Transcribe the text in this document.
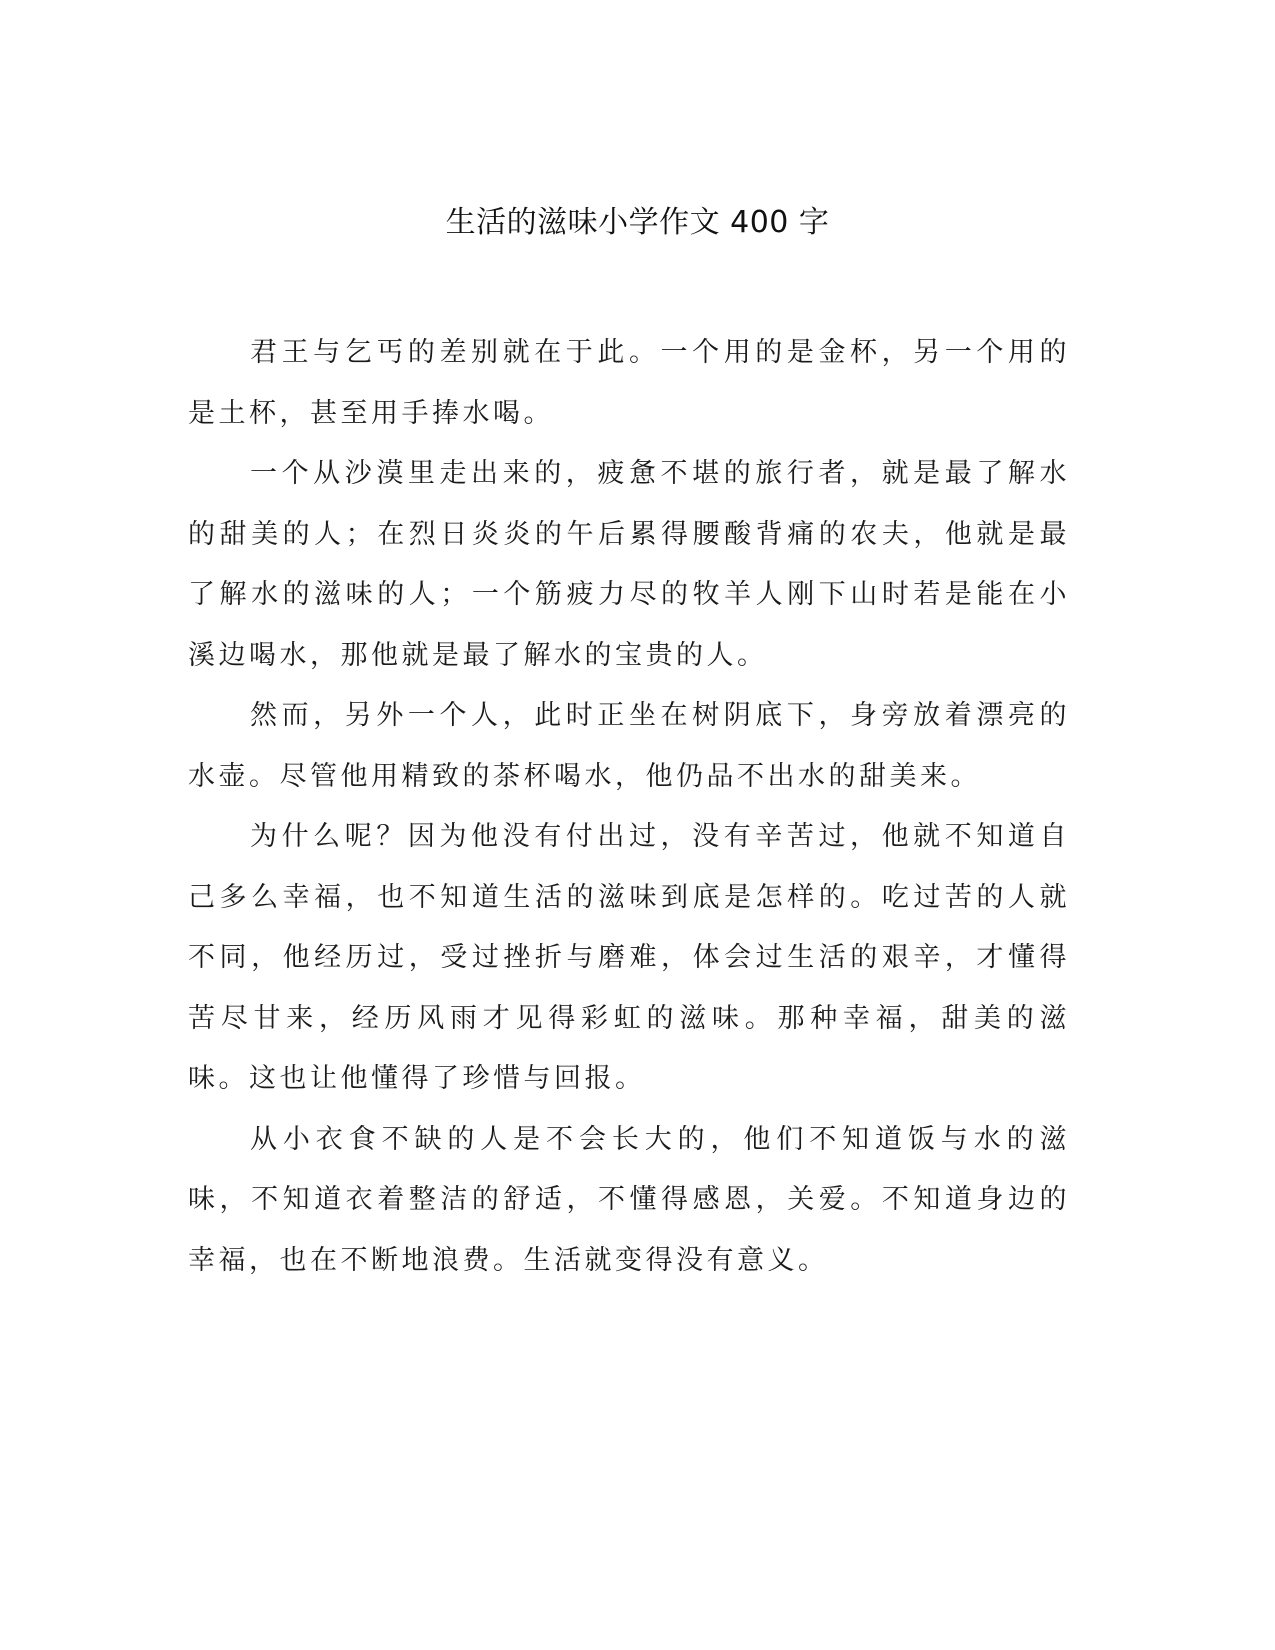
生活的滋味小学作文 400 字

君王与乞丐的差别就在于此。一个用的是金杯，另一个用的是土杯，甚至用手捧水喝。

一个从沙漠里走出来的，疲惫不堪的旅行者，就是最了解水的甜美的人；在烈日炎炎的午后累得腰酸背痛的农夫，他就是最了解水的滋味的人；一个筋疲力尽的牧羊人刚下山时若是能在小溪边喝水，那他就是最了解水的宝贵的人。

然而，另外一个人，此时正坐在树阴底下，身旁放着漂亮的水壶。尽管他用精致的茶杯喝水，他仍品不出水的甜美来。

为什么呢？因为他没有付出过，没有辛苦过，他就不知道自己多么幸福，也不知道生活的滋味到底是怎样的。吃过苦的人就不同，他经历过，受过挫折与磨难，体会过生活的艰辛，才懂得苦尽甘来，经历风雨才见得彩虹的滋味。那种幸福，甜美的滋味。这也让他懂得了珍惜与回报。

从小衣食不缺的人是不会长大的，他们不知道饭与水的滋味，不知道衣着整洁的舒适，不懂得感恩，关爱。不知道身边的幸福，也在不断地浪费。生活就变得没有意义。
